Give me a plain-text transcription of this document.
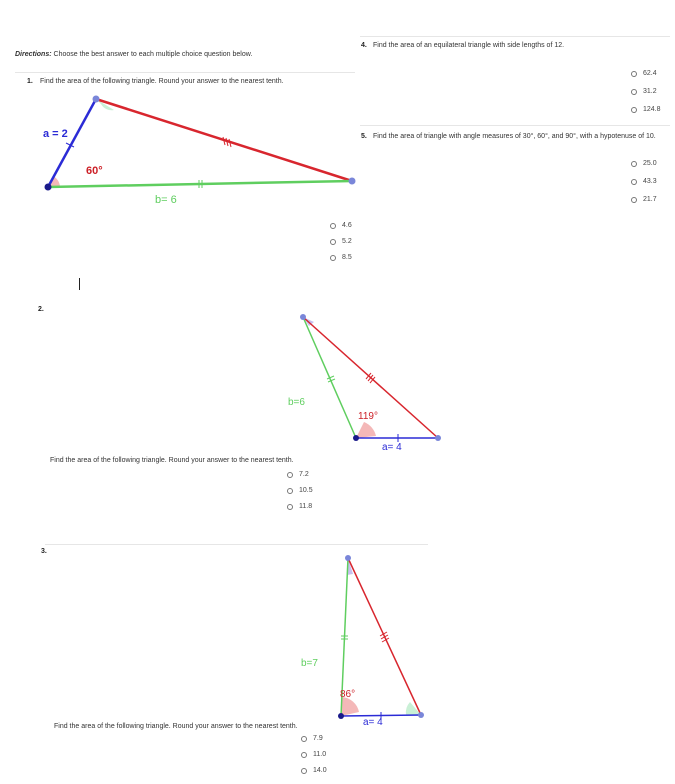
Directions: Choose the best answer to each multiple choice question below.
1. Find the area of the following triangle. Round your answer to the nearest tenth.
a = 2
60°
b= 6
4.6
5.2
8.5
2.
b=6
119°
a= 4
Find the area of the following triangle. Round your answer to the nearest tenth.
7.2
10.5
11.8
3.
b=7
86°
a= 4
Find the area of the following triangle. Round your answer to the nearest tenth.
7.9
11.0
14.0
4. Find the area of an equilateral triangle with side lengths of 12.
62.4
31.2
124.8
5. Find the area of triangle with angle measures of 30°, 60°, and 90°, with a hypotenuse of 10.
25.0
43.3
21.7
